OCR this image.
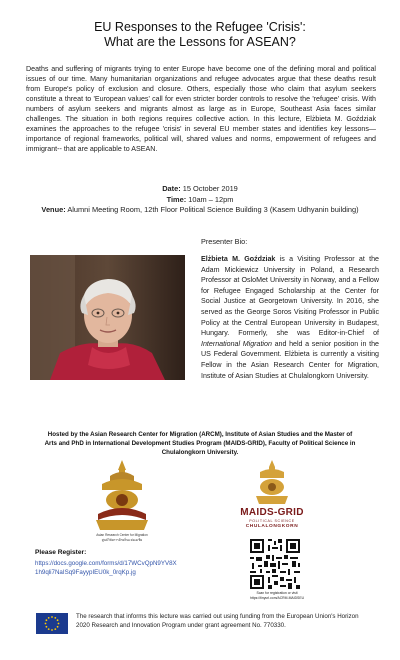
EU Responses to the Refugee 'Crisis':
What are the Lessons for ASEAN?

Deaths and suffering of migrants trying to enter Europe have become one of the defining moral and political issues of our time. Many humanitarian organizations and refugee advocates argue that these deaths result from Europe's policy of exclusion and closure. Others, especially those who claim that asylum seekers constitute a threat to 'European values' call for even stricter border controls to resolve the 'refugee' crisis. With numbers of asylum seekers and migrants almost as large as in Europe, Southeast Asia faces similar challenges. The situation in both regions requires collective action. In this lecture, Elżbieta M. Goździak examines the approaches to the refugee 'crisis' in several EU member states and identifies key lessons—importance of regional frameworks, political will, shared values and norms, empowerment of refugees and immigrant-- that are applicable to ASEAN.

Date: 15 October 2019
Time: 10am – 12pm
Venue: Alumni Meeting Room, 12th Floor Political Science Building 3 (Kasem Udhyanin building)
Presenter Bio:

Elżbieta M. Goździak is a Visiting Professor at the Adam Mickiewicz University in Poland, a Research Professor at OsloMet University in Norway, and a Fellow for Refugee Engaged Scholarship at the Center for Social Justice at Georgetown University. In 2016, she served as the George Soros Visiting Professor in Public Policy at the Central European University in Budapest, Hungary. Formerly, she was Editor-in-Chief of International Migration and held a senior position in the US Federal Government. Elżbieta is currently a visiting Fellow in the Asian Research Center for Migration, Institute of Asian Studies at Chulalongkorn University.

Hosted by the Asian Research Center for Migration (ARCM), Institute of Asian Studies and the Master of Arts and PhD in International Development Studies Program (MAIDS-GRID), Faculty of Political Science in Chulalongkorn University.
Asian Research Center for Migration
ศูนย์วิจัยการย้ายถิ่นแห่งเอเชีย
MAIDS-GRID
POLITICAL SCIENCE
CHULALONGKORN
Please Register:
https://docs.google.com/forms/d/17WCvQpN9YV8X1h9qli7NaISq9FayypIEU0k_0rqKp.jg
Scan for registration or visit
https://tinyurl.com/ACRM-MAIDSEU
The research that informs this lecture was carried out using funding from the European Union's Horizon 2020 Research and Innovation Program under grant agreement No. 770330.
